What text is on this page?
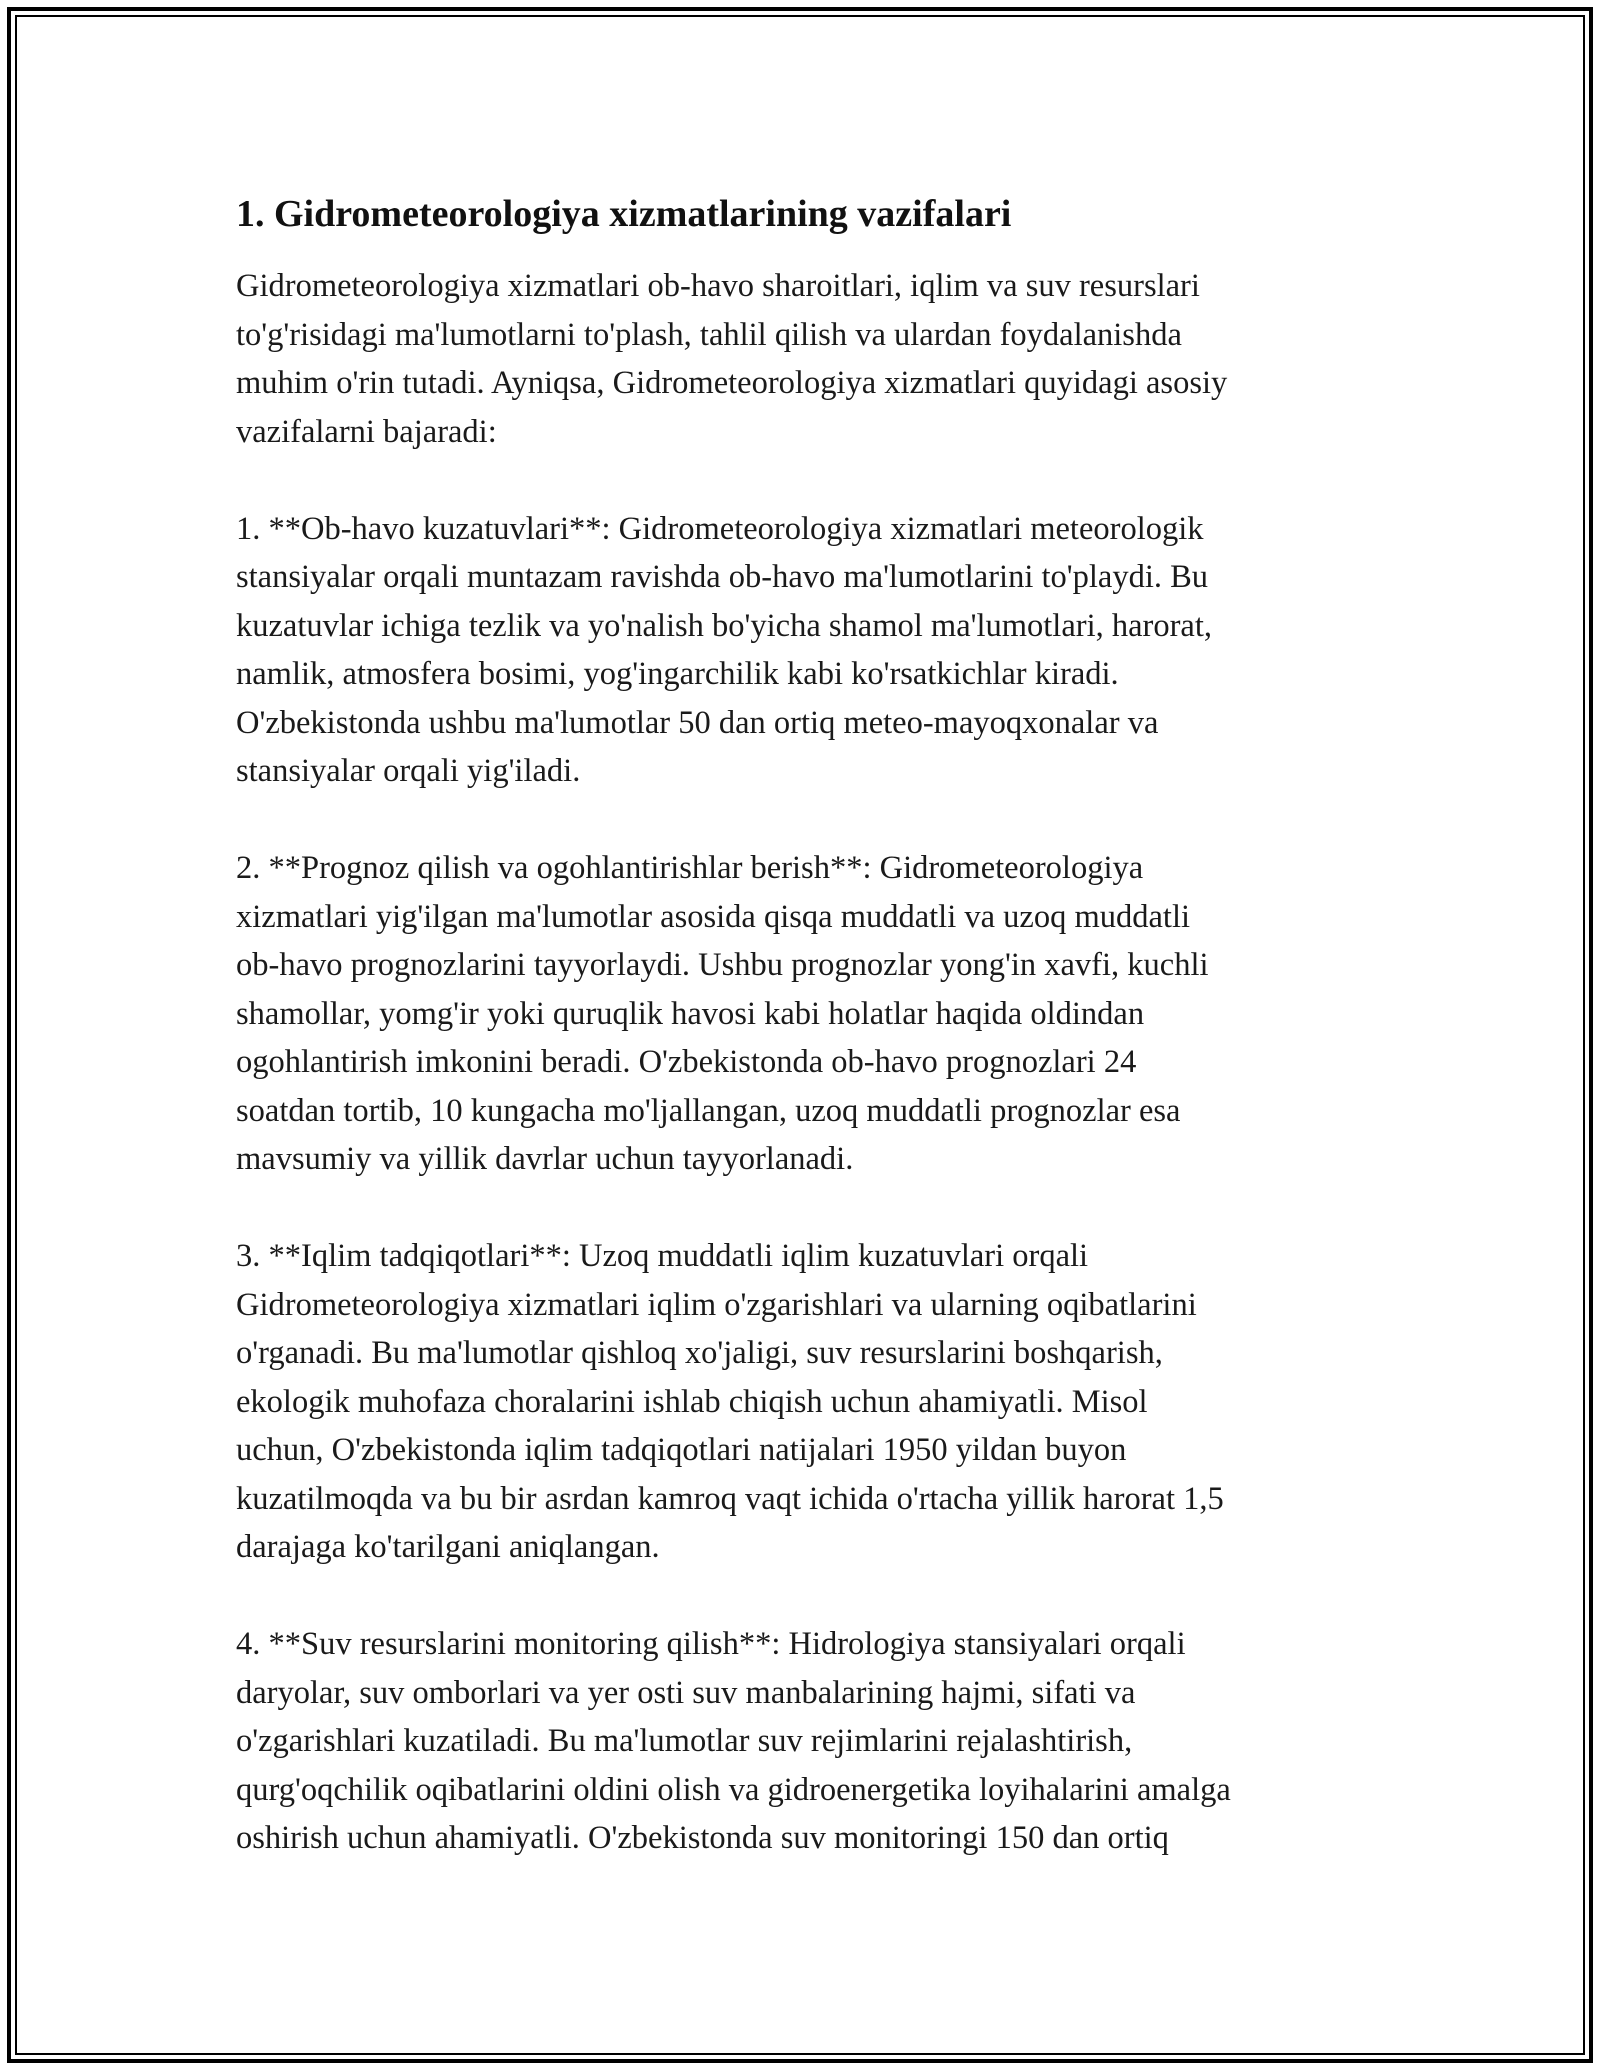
1. Gidrometeorologiya xizmatlarining vazifalari

Gidrometeorologiya xizmatlari ob-havo sharoitlari, iqlim va suv resurslari
to'g'risidagi ma'lumotlarni to'plash, tahlil qilish va ulardan foydalanishda
muhim o'rin tutadi. Ayniqsa, Gidrometeorologiya xizmatlari quyidagi asosiy
vazifalarni bajaradi:

1. **Ob-havo kuzatuvlari**: Gidrometeorologiya xizmatlari meteorologik
stansiyalar orqali muntazam ravishda ob-havo ma'lumotlarini to'playdi. Bu
kuzatuvlar ichiga tezlik va yo'nalish bo'yicha shamol ma'lumotlari, harorat,
namlik, atmosfera bosimi, yog'ingarchilik kabi ko'rsatkichlar kiradi.
O'zbekistonda ushbu ma'lumotlar 50 dan ortiq meteo-mayoqxonalar va
stansiyalar orqali yig'iladi.

2. **Prognoz qilish va ogohlantirishlar berish**: Gidrometeorologiya
xizmatlari yig'ilgan ma'lumotlar asosida qisqa muddatli va uzoq muddatli
ob-havo prognozlarini tayyorlaydi. Ushbu prognozlar yong'in xavfi, kuchli
shamollar, yomg'ir yoki quruqlik havosi kabi holatlar haqida oldindan
ogohlantirish imkonini beradi. O'zbekistonda ob-havo prognozlari 24
soatdan tortib, 10 kungacha mo'ljallangan, uzoq muddatli prognozlar esa
mavsumiy va yillik davrlar uchun tayyorlanadi.

3. **Iqlim tadqiqotlari**: Uzoq muddatli iqlim kuzatuvlari orqali
Gidrometeorologiya xizmatlari iqlim o'zgarishlari va ularning oqibatlarini
o'rganadi. Bu ma'lumotlar qishloq xo'jaligi, suv resurslarini boshqarish,
ekologik muhofaza choralarini ishlab chiqish uchun ahamiyatli. Misol
uchun, O'zbekistonda iqlim tadqiqotlari natijalari 1950 yildan buyon
kuzatilmoqda va bu bir asrdan kamroq vaqt ichida o'rtacha yillik harorat 1,5
darajaga ko'tarilgani aniqlangan.

4. **Suv resurslarini monitoring qilish**: Hidrologiya stansiyalari orqali
daryolar, suv omborlari va yer osti suv manbalarining hajmi, sifati va
o'zgarishlari kuzatiladi. Bu ma'lumotlar suv rejimlarini rejalashtirish,
qurg'oqchilik oqibatlarini oldini olish va gidroenergetika loyihalarini amalga
oshirish uchun ahamiyatli. O'zbekistonda suv monitoringi 150 dan ortiq
